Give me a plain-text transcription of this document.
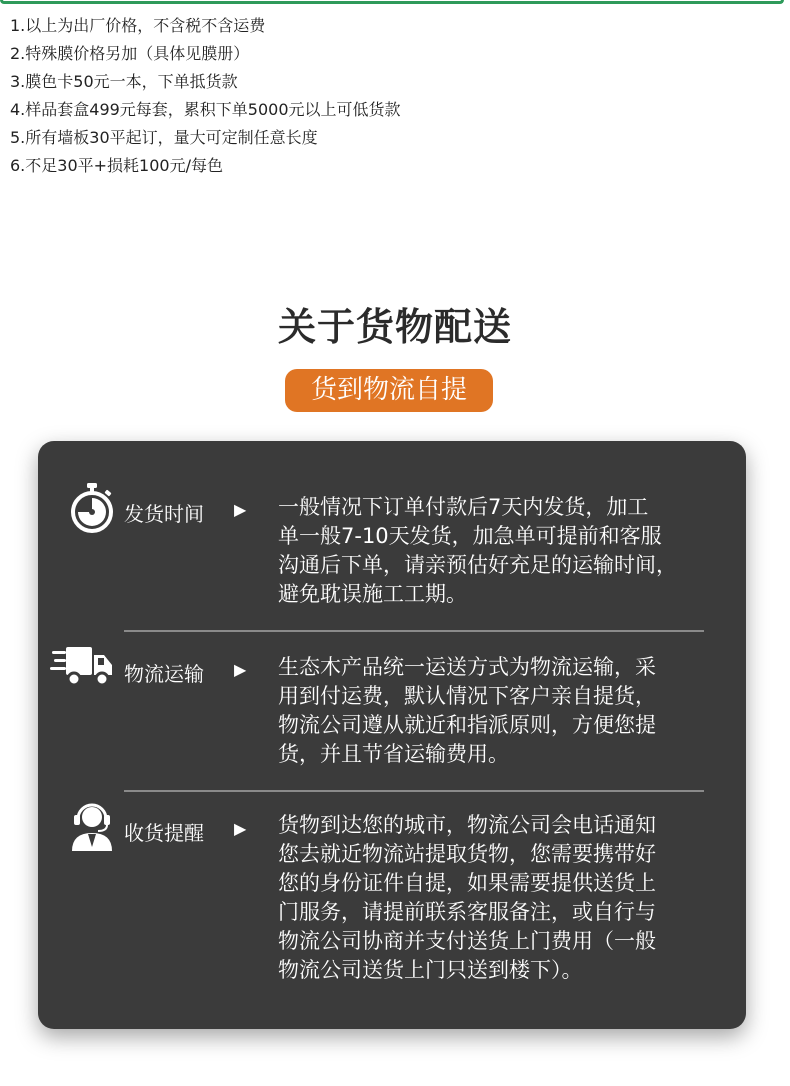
1.以上为出厂价格，不含税不含运费
2.特殊膜价格另加（具体见膜册）
3.膜色卡50元一本，下单抵货款
4.样品套盒499元每套，累积下单5000元以上可低货款
5.所有墙板30平起订，量大可定制任意长度
6.不足30平+损耗100元/每色
关于货物配送
货到物流自提
发货时间 ▶ 一般情况下订单付款后7天内发货，加工
单一般7-10天发货，加急单可提前和客服
沟通后下单，请亲预估好充足的运输时间，
避免耽误施工工期。

物流运输 ▶ 生态木产品统一运送方式为物流运输，采
用到付运费，默认情况下客户亲自提货，
物流公司遵从就近和指派原则，方便您提
货，并且节省运输费用。

收货提醒 ▶ 货物到达您的城市，物流公司会电话通知
您去就近物流站提取货物，您需要携带好
您的身份证件自提，如果需要提供送货上
门服务，请提前联系客服备注，或自行与
物流公司协商并支付送货上门费用（一般
物流公司送货上门只送到楼下）。
